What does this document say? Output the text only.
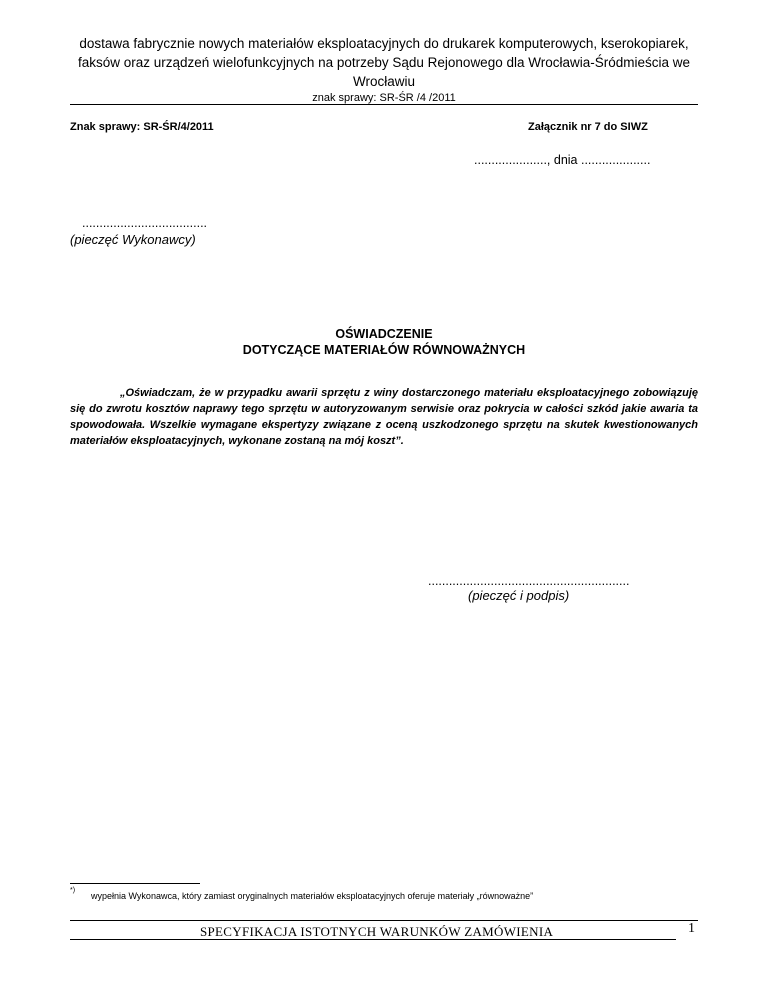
dostawa fabrycznie nowych materiałów eksploatacyjnych do drukarek komputerowych, kserokopiarek,
faksów oraz urządzeń wielofunkcyjnych na potrzeby Sądu Rejonowego dla Wrocławia-Śródmieścia we
Wrocławiu
znak sprawy: SR-ŚR /4 /2011
Znak sprawy: SR-ŚR/4/2011	Załącznik nr 7 do SIWZ
....................., dnia ....................
....................................
(pieczęć Wykonawcy)
OŚWIADCZENIE
DOTYCZĄCE MATERIAŁÓW RÓWNOWAŻNYCH
„Oświadczam, że w przypadku awarii sprzętu z winy dostarczonego materiału eksploatacyjnego zobowiązuję się do zwrotu kosztów naprawy tego sprzętu w autoryzowanym serwisie oraz pokrycia w całości szkód jakie awaria ta spowodowała. Wszelkie wymagane ekspertyzy związane z oceną uszkodzonego sprzętu na skutek kwestionowanych materiałów eksploatacyjnych, wykonane zostaną na mój koszt”.
..........................................................
(pieczęć i podpis)
*)
wypełnia Wykonawca, który zamiast oryginalnych materiałów eksploatacyjnych oferuje materiały „równoważne”
SPECYFIKACJA ISTOTNYCH WARUNKÓW ZAMÓWIENIA	1
